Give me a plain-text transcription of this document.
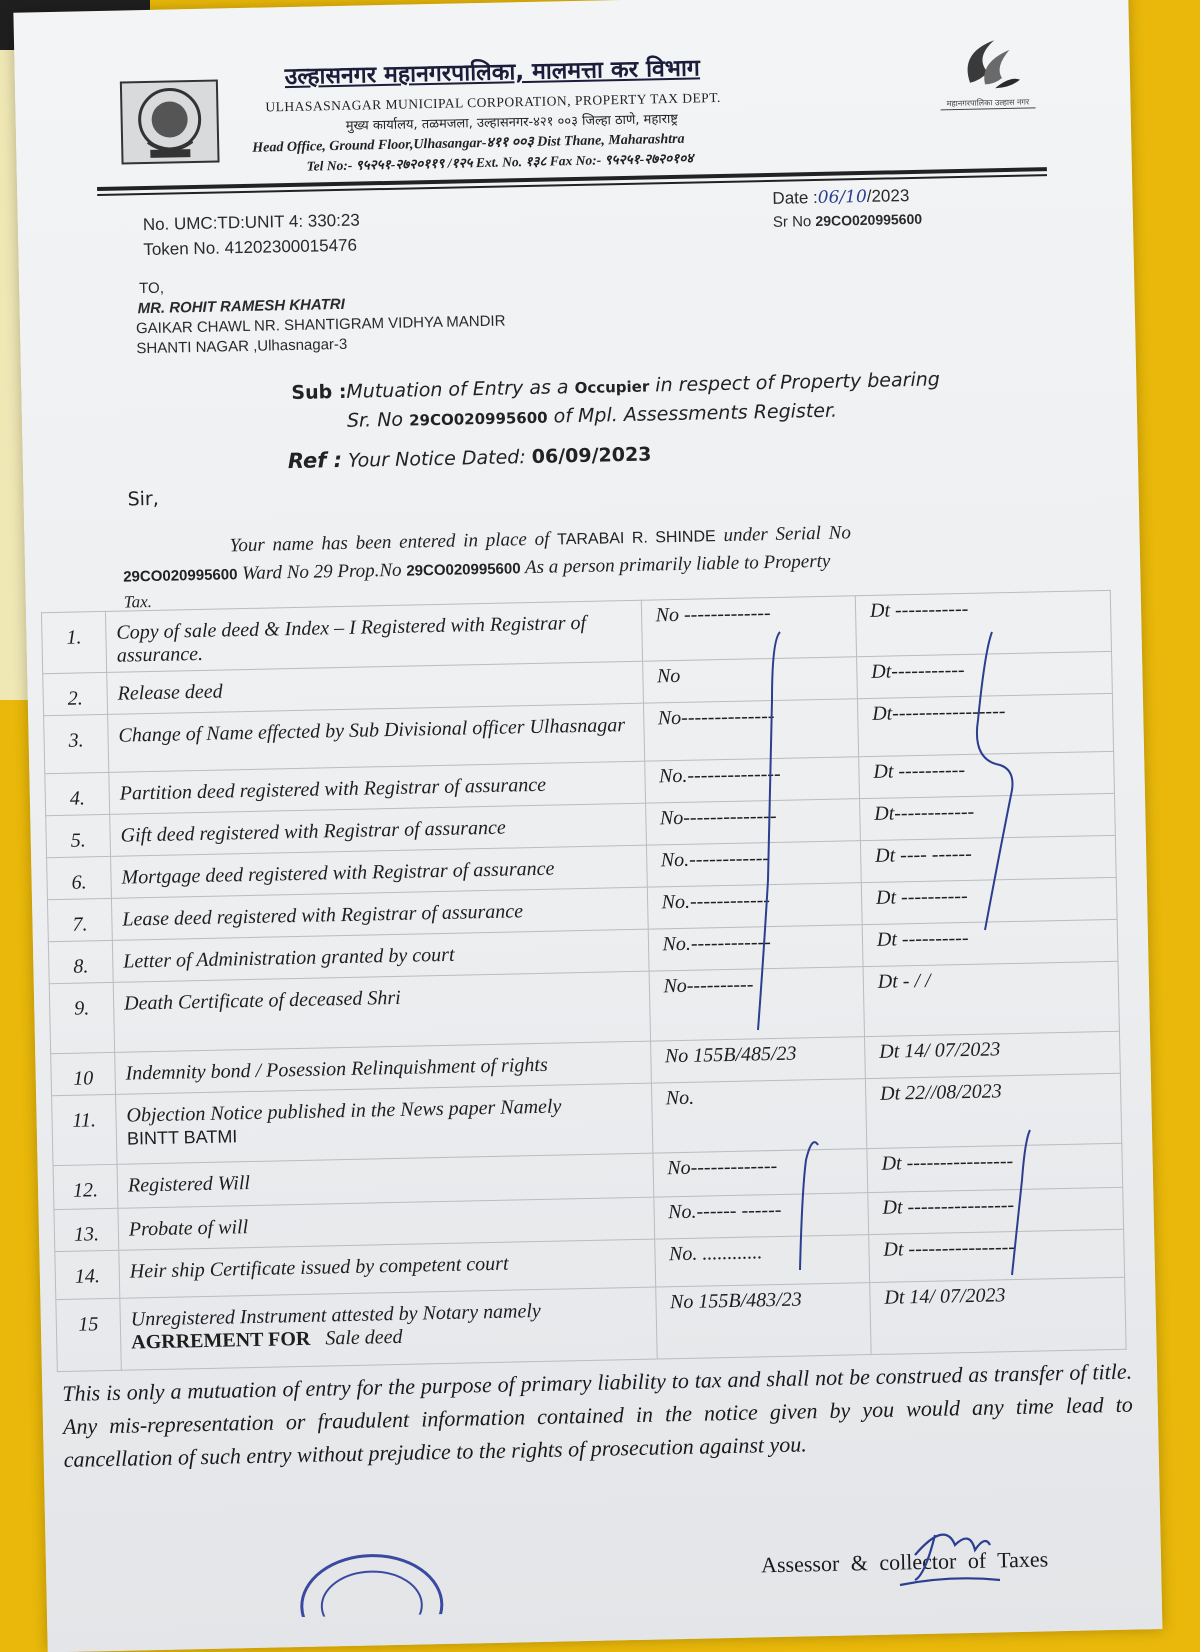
महानगरपालिका उल्हास नगर
उल्हासनगर महानगरपालिका, मालमत्ता कर विभाग
ULHASASNAGAR MUNICIPAL CORPORATION, PROPERTY TAX DEPT.
मुख्य कार्यालय, तळमजला, उल्हासनगर-४२१ ००३ जिल्हा ठाणे, महाराष्ट्र
Head Office, Ground Floor,Ulhasangar-४११ ००३ Dist Thane, Maharashtra
Tel No:- ९५२५१-२७२०११९ /१२५ Ext. No. १३८ Fax No:- ९५२५१-२७२०१०४
No. UMC:TD:UNIT 4: 330:23
Token No. 41202300015476
Date :06/10/2023
Sr No 29CO020995600
TO,
MR. ROHIT RAMESH KHATRI
GAIKAR CHAWL NR. SHANTIGRAM VIDHYA MANDIR
SHANTI NAGAR ,Ulhasnagar-3
Sub :Mutuation of Entry as a Occupier in respect of Property bearing
Sr. No 29CO020995600 of Mpl. Assessments Register.
Ref : Your Notice Dated: 06/09/2023
Sir,
Your name has been entered in place of TARABAI R. SHINDE under Serial No
29CO020995600 Ward No 29 Prop.No 29CO020995600 As a person primarily liable to Property
Tax.
1.	Copy of sale deed & Index – I Registered with Registrar of assurance.	No -------------	Dt -----------
2.	Release deed	No	Dt-----------
3.	Change of Name effected by Sub Divisional officer Ulhasnagar	No--------------	Dt-----------------
4.	Partition deed registered with Registrar of assurance	No.--------------	Dt ----------
5.	Gift deed registered with Registrar of assurance	No--------------	Dt------------
6.	Mortgage deed registered with Registrar of assurance	No.------------	Dt ---- ------
7.	Lease deed registered with Registrar of assurance	No.------------	Dt ----------
8.	Letter of Administration granted by court	No.------------	Dt ----------
9.	Death Certificate of deceased Shri	No----------	Dt - / /
10	Indemnity bond / Posession Relinquishment of rights	No 155B/485/23	Dt 14/ 07/2023
11.	Objection Notice published in the News paper Namely
BINTT BATMI	No.	Dt 22//08/2023
12.	Registered Will	No-------------	Dt ----------------
13.	Probate of will	No.------ ------	Dt ----------------
14.	Heir ship Certificate issued by competent court	No. ............	Dt ----------------
15	Unregistered Instrument attested by Notary namely
AGRREMENT FOR Sale deed	No 155B/483/23	Dt 14/ 07/2023
This is only a mutuation of entry for the purpose of primary liability to tax and shall not be construed as transfer of title. Any mis-representation or fraudulent information contained in the notice given by you would any time lead to cancellation of such entry without prejudice to the rights of prosecution against you.
Assessor & collector of Taxes
